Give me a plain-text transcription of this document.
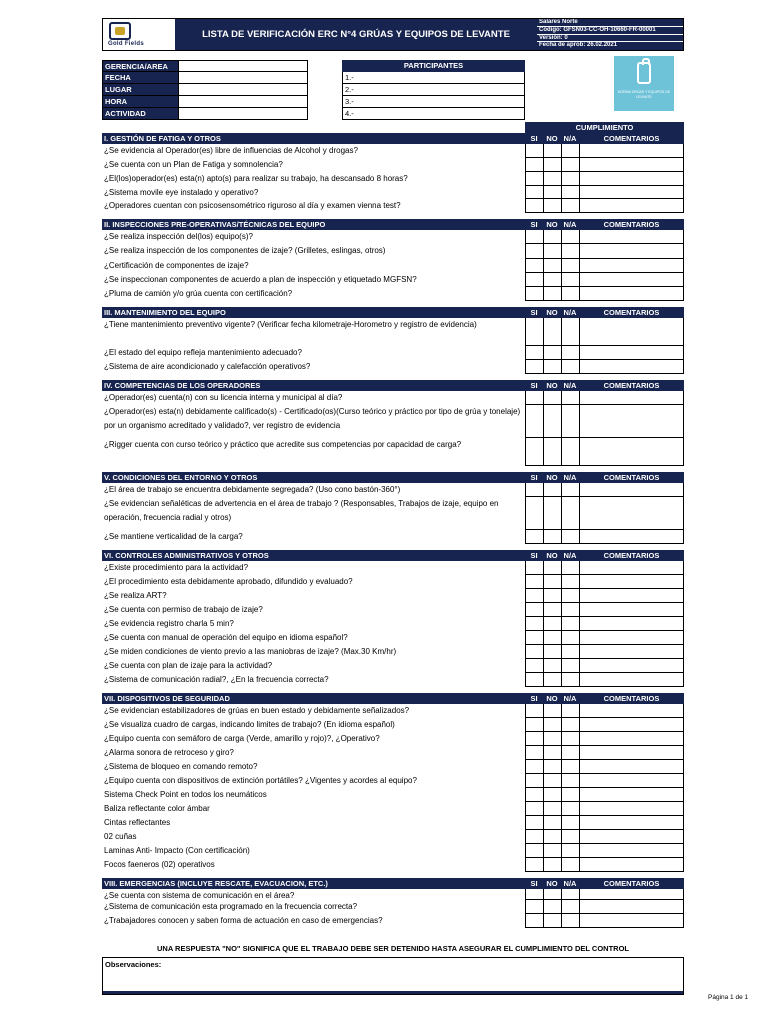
Gold Fields
LISTA DE VERIFICACIÓN ERC N°4 GRÚAS Y EQUIPOS DE LEVANTE
Salares Norte
Código: GFSN03-CC-OH-10660-FR-00001
Versión: 0
Fecha de aprob: 26.02.2021
GERENCIA/AREA
FECHA
LUGAR
HORA
ACTIVIDAD
PARTICIPANTES
1.-
2.-
3.-
4.-
NORMA GRÚAS Y EQUIPOS DE LEVANTE
CUMPLIMIENTO
I. GESTIÓN DE FATIGA Y OTROS	SI	NO N/A	COMENTARIOS
¿Se evidencia al Operador(es) libre de influencias de Alcohol y drogas?
¿Se cuenta con un Plan de Fatiga y somnolencia?
¿El(los)operador(es) esta(n) apto(s) para realizar su trabajo, ha descansado 8 horas?
¿Sistema movile eye instalado y operativo?
¿Operadores cuentan con psicosensométrico riguroso al día y examen vienna test?
II. INSPECCIONES PRE-OPERATIVAS/TÉCNICAS DEL EQUIPO	SI	NO N/A	COMENTARIOS
¿Se realiza inspección del(los) equipo(s)?
¿Se realiza inspección de los componentes de izaje? (Grilletes, eslingas, otros)
¿Certificación de componentes de izaje?
¿Se inspeccionan componentes de acuerdo a plan de inspección y etiquetado MGFSN?
¿Pluma de camión y/o grúa cuenta con certificación?
III. MANTENIMIENTO DEL EQUIPO	SI	NO N/A	COMENTARIOS
¿Tiene mantenimiento preventivo vigente? (Verificar fecha kilometraje-Horometro y registro de evidencia)
¿El estado del equipo refleja mantenimiento adecuado?
¿Sistema de aire acondicionado y calefacción operativos?
IV. COMPETENCIAS DE LOS OPERADORES	SI	NO N/A	COMENTARIOS
¿Operador(es) cuenta(n) con su licencia interna y municipal al día?
¿Operador(es) esta(n) debidamente calificado(s) - Certificado(os)(Curso teórico y práctico por tipo de grúa y tonelaje) por un organismo acreditado y validado?, ver registro de evidencia
¿Rigger cuenta con curso teórico y práctico que acredite sus competencias por capacidad de carga?
V. CONDICIONES DEL ENTORNO Y OTROS	SI	NO N/A	COMENTARIOS
¿El área de trabajo se encuentra debidamente segregada? (Uso cono bastón-360°)
¿Se evidencian señaléticas de advertencia en el área de trabajo ? (Responsables, Trabajos de izaje, equipo en operación, frecuencia radial y otros)
¿Se mantiene verticalidad de la carga?
VI. CONTROLES ADMINISTRATIVOS Y OTROS	SI	NO N/A	COMENTARIOS
¿Existe procedimiento para la actividad?
¿El procedimiento esta debidamente aprobado, difundido y evaluado?
¿Se realiza ART?
¿Se cuenta con permiso de trabajo de izaje?
¿Se evidencia registro charla 5 min?
¿Se cuenta con manual de operación del equipo en idioma español?
¿Se miden condiciones de viento previo a las maniobras de izaje? (Max.30 Km/hr)
¿Se cuenta con plan de izaje para la actividad?
¿Sistema de comunicación radial?, ¿En la frecuencia correcta?
VII. DISPOSITIVOS DE SEGURIDAD	SI	NO N/A	COMENTARIOS
¿Se evidencian estabilizadores de grúas en buen estado y debidamente señalizados?
¿Se visualiza cuadro de cargas, indicando limites de trabajo? (En idioma español)
¿Equipo cuenta con semáforo de carga (Verde, amarillo y rojo)?, ¿Operativo?
¿Alarma sonora de retroceso y giro?
¿Sistema de bloqueo en comando remoto?
¿Equipo cuenta con dispositivos de extinción portátiles? ¿Vigentes y acordes al equipo?
Sistema Check Point en todos los neumáticos
Baliza reflectante color ámbar
Cintas reflectantes
02 cuñas
Laminas Anti- Impacto (Con certificación)
Focos faeneros (02) operativos
VIII. EMERGENCIAS (INCLUYE RESCATE, EVACUACION, ETC.)	SI	NO N/A	COMENTARIOS
¿Se cuenta con sistema de comunicación en el área?
¿Sistema de comunicación esta programado en la frecuencia correcta?
¿Trabajadores conocen y saben forma de actuación en caso de emergencias?
UNA RESPUESTA "NO" SIGNIFICA QUE EL TRABAJO DEBE SER DETENIDO HASTA ASEGURAR EL CUMPLIMIENTO DEL CONTROL
Observaciones:
Página 1 de 1
